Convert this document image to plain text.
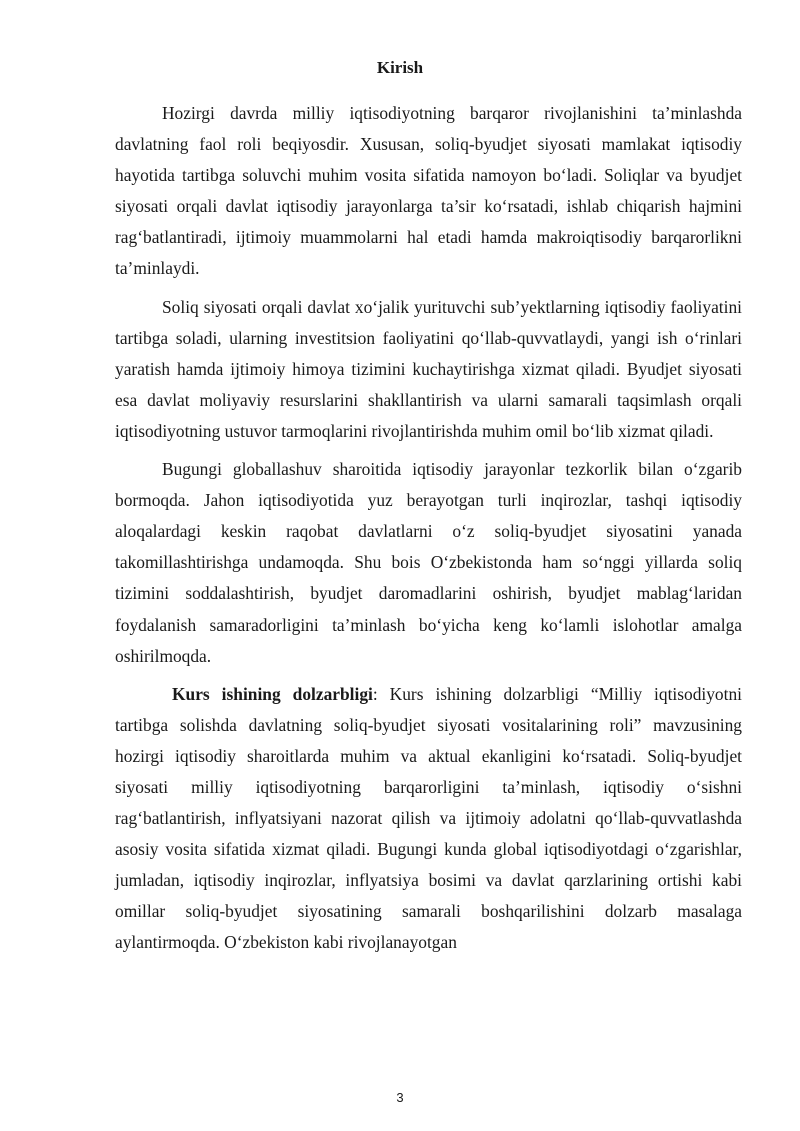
Kirish

Hozirgi davrda milliy iqtisodiyotning barqaror rivojlanishini ta’minlashda davlatning faol roli beqiyosdir. Xususan, soliq-byudjet siyosati mamlakat iqtisodiy hayotida tartibga soluvchi muhim vosita sifatida namoyon bo‘ladi. Soliqlar va byudjet siyosati orqali davlat iqtisodiy jarayonlarga ta’sir ko‘rsatadi, ishlab chiqarish hajmini rag‘batlantiradi, ijtimoiy muammolarni hal etadi hamda makroiqtisodiy barqarorlikni ta’minlaydi.

Soliq siyosati orqali davlat xo‘jalik yurituvchi sub’yektlarning iqtisodiy faoliyatini tartibga soladi, ularning investitsion faoliyatini qo‘llab-quvvatlaydi, yangi ish o‘rinlari yaratish hamda ijtimoiy himoya tizimini kuchaytirishga xizmat qiladi. Byudjet siyosati esa davlat moliyaviy resurslarini shakllantirish va ularni samarali taqsimlash orqali iqtisodiyotning ustuvor tarmoqlarini rivojlantirishda muhim omil bo‘lib xizmat qiladi.

Bugungi globallashuv sharoitida iqtisodiy jarayonlar tezkorlik bilan o‘zgarib bormoqda. Jahon iqtisodiyotida yuz berayotgan turli inqirozlar, tashqi iqtisodiy aloqalardagi keskin raqobat davlatlarni o‘z soliq-byudjet siyosatini yanada takomillashtirishga undamoqda. Shu bois O‘zbekistonda ham so‘nggi yillarda soliq tizimini soddalashtirish, byudjet daromadlarini oshirish, byudjet mablag‘laridan foydalanish samaradorligini ta’minlash bo‘yicha keng ko‘lamli islohotlar amalga oshirilmoqda.

Kurs ishining dolzarbligi: Kurs ishining dolzarbligi “Milliy iqtisodiyotni tartibga solishda davlatning soliq-byudjet siyosati vositalarining roli” mavzusining hozirgi iqtisodiy sharoitlarda muhim va aktual ekanligini ko‘rsatadi. Soliq-byudjet siyosati milliy iqtisodiyotning barqarorligini ta’minlash, iqtisodiy o‘sishni rag‘batlantirish, inflyatsiyani nazorat qilish va ijtimoiy adolatni qo‘llab-quvvatlashda asosiy vosita sifatida xizmat qiladi. Bugungi kunda global iqtisodiyotdagi o‘zgarishlar, jumladan, iqtisodiy inqirozlar, inflyatsiya bosimi va davlat qarzlarining ortishi kabi omillar soliq-byudjet siyosatining samarali boshqarilishini dolzarb masalaga aylantirmoqda. O‘zbekiston kabi rivojlanayotgan

3
